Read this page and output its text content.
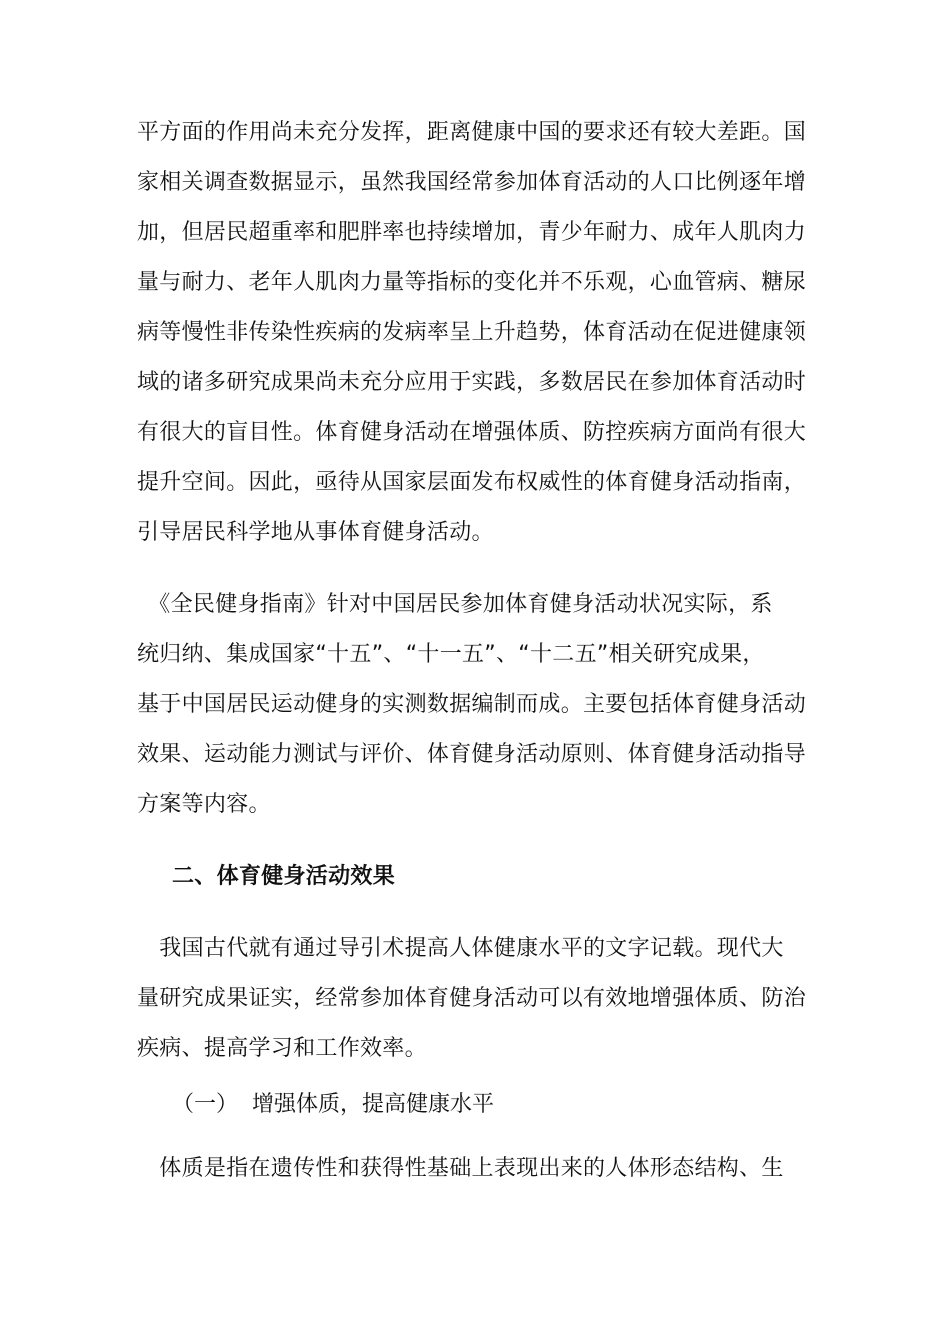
平方面的作用尚未充分发挥，距离健康中国的要求还有较大差距。国
家相关调查数据显示，虽然我国经常参加体育活动的人口比例逐年增
加，但居民超重率和肥胖率也持续增加，青少年耐力、成年人肌肉力
量与耐力、老年人肌肉力量等指标的变化并不乐观，心血管病、糖尿
病等慢性非传染性疾病的发病率呈上升趋势，体育活动在促进健康领
域的诸多研究成果尚未充分应用于实践，多数居民在参加体育活动时
有很大的盲目性。体育健身活动在增强体质、防控疾病方面尚有很大
提升空间。因此，亟待从国家层面发布权威性的体育健身活动指南，
引导居民科学地从事体育健身活动。
　《全民健身指南》针对中国居民参加体育健身活动状况实际，系
统归纳、集成国家“十五”、“十一五”、“十二五”相关研究成果，
基于中国居民运动健身的实测数据编制而成。主要包括体育健身活动
效果、运动能力测试与评价、体育健身活动原则、体育健身活动指导
方案等内容。
二、体育健身活动效果
　我国古代就有通过导引术提高人体健康水平的文字记载。现代大
量研究成果证实，经常参加体育健身活动可以有效地增强体质、防治
疾病、提高学习和工作效率。
（一） 增强体质，提高健康水平
　体质是指在遗传性和获得性基础上表现出来的人体形态结构、生
